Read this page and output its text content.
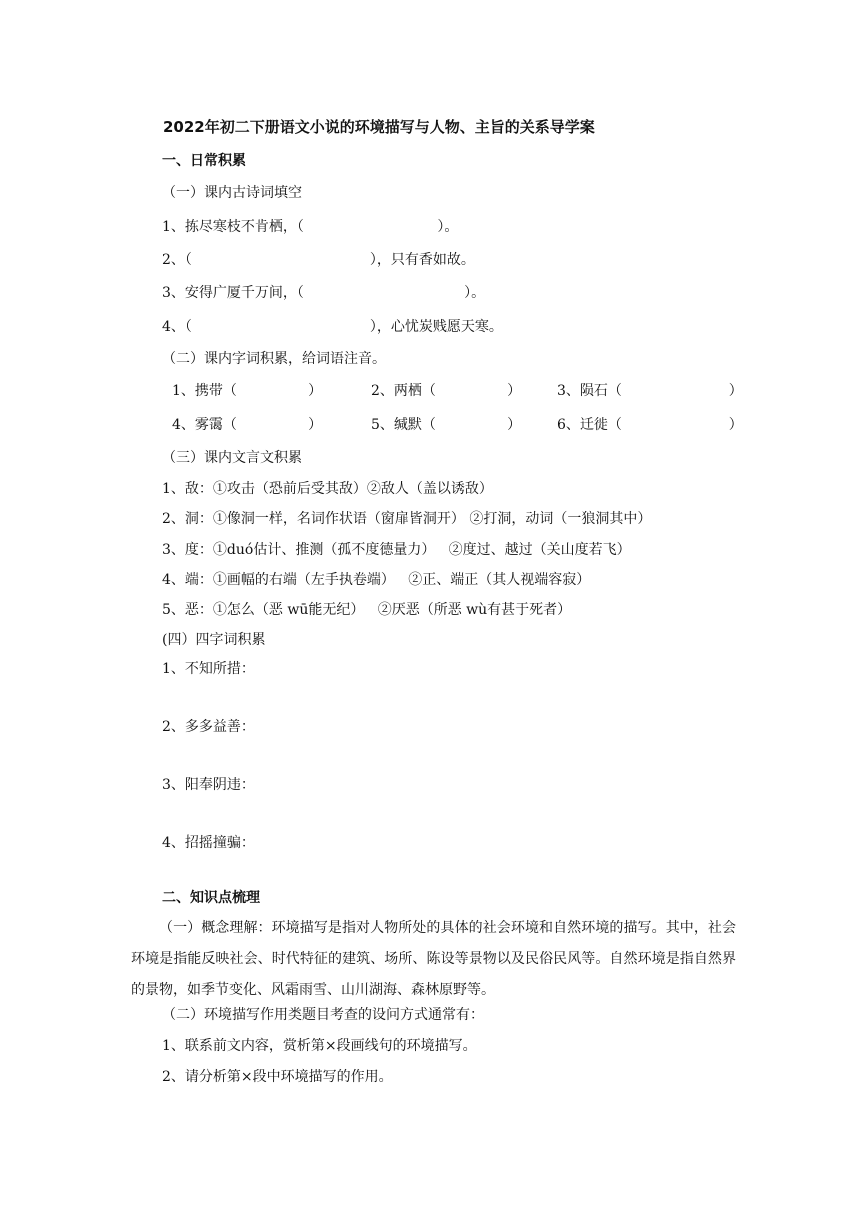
2022年初二下册语文小说的环境描写与人物、主旨的关系导学案
一、日常积累
（一）课内古诗词填空
1、拣尽寒枝不肯栖，（                              ）。
2、（                                        ），只有香如故。
3、安得广厦千万间，（                                    ）。
4、（                                        ），心忧炭贱愿天寒。
（二）课内字词积累，给词语注音。
1、携带（                ）	2、两栖（                ）	3、陨石（                        ）
4、雾霭（                ）	5、缄默（                ）	6、迁徙（                        ）
（三）课内文言文积累
1、敌：①攻击（恐前后受其敌）②敌人（盖以诱敌）
2、洞：①像洞一样，名词作状语（窗扉皆洞开） ②打洞，动词（一狼洞其中）
3、度：①duó估计、推测（孤不度德量力）   ②度过、越过（关山度若飞）
4、端：①画幅的右端（左手执卷端）   ②正、端正（其人视端容寂）
5、恶：①怎么（恶 wū能无纪）   ②厌恶（所恶 wù有甚于死者）
(四）四字词积累
1、不知所措：
2、多多益善：
3、阳奉阴违：
4、招摇撞骗：
二、知识点梳理
（一）概念理解：环境描写是指对人物所处的具体的社会环境和自然环境的描写。其中，社会环境是指能反映社会、时代特征的建筑、场所、陈设等景物以及民俗民风等。自然环境是指自然界的景物，如季节变化、风霜雨雪、山川湖海、森林原野等。
（二）环境描写作用类题目考查的设问方式通常有：
1、联系前文内容，赏析第×段画线句的环境描写。
2、请分析第×段中环境描写的作用。
